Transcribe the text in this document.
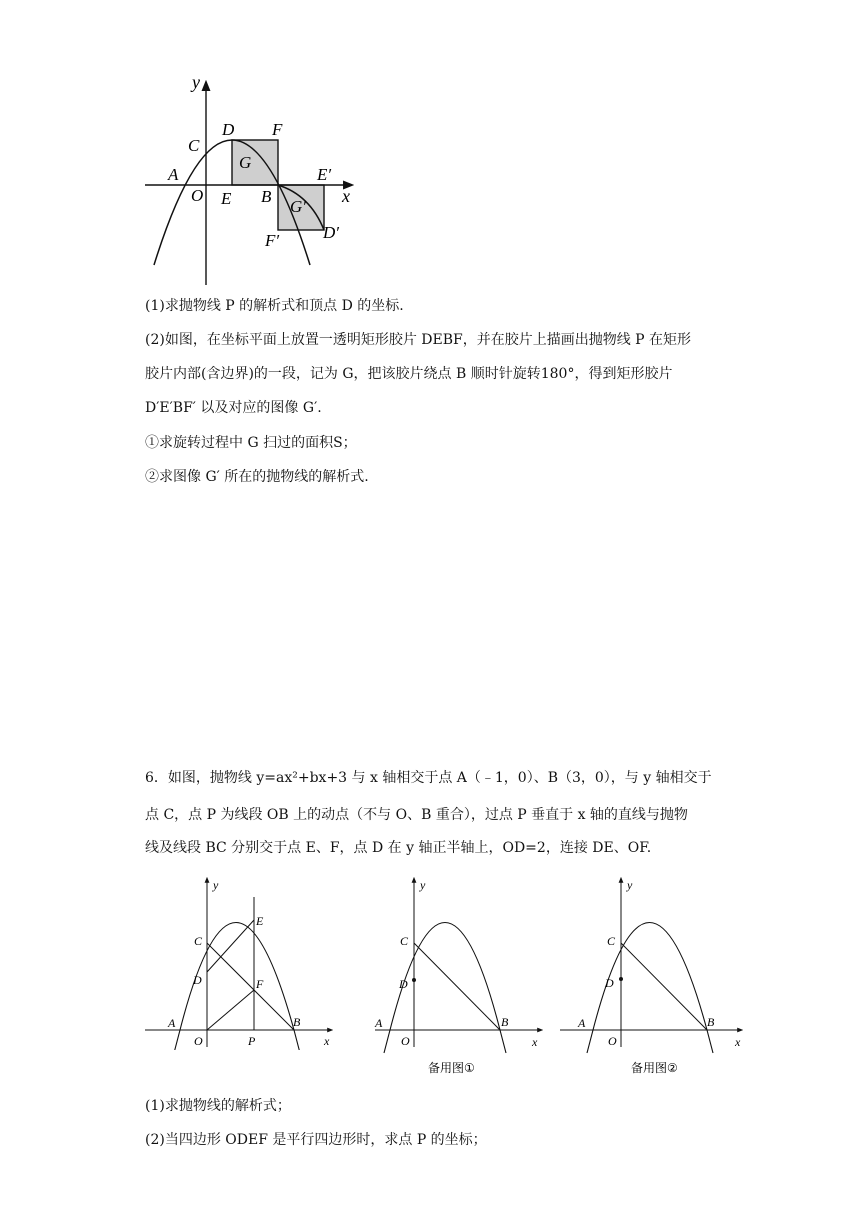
y
x
A
O
C
D F
G
E B
E′
G′
F′	D′
(1)求抛物线 P 的解析式和顶点 D 的坐标.
(2)如图，在坐标平面上放置一透明矩形胶片 DEBF，并在胶片上描画出抛物线 P 在矩形
胶片内部(含边界)的一段，记为 G，把该胶片绕点 B 顺时针旋转180°，得到矩形胶片
D′E′BF′ 以及对应的图像 G′.
①求旋转过程中 G 扫过的面积S；
②求图像 G′ 所在的抛物线的解析式.
6．如图，抛物线 y=ax²+bx+3 与 x 轴相交于点 A（﹣1，0）、B（3，0），与 y 轴相交于
点 C，点 P 为线段 OB 上的动点（不与 O、B 重合），过点 P 垂直于 x 轴的直线与抛物
线及线段 BC 分别交于点 E、F，点 D 在 y 轴正半轴上，OD=2，连接 DE、OF.
y
x
A	B
C
D
E
F
O	P
y
x
A	B
C
D
O
备用图①
y
x
A	B
C
D
O
备用图②
(1)求抛物线的解析式；
(2)当四边形 ODEF 是平行四边形时，求点 P 的坐标；
